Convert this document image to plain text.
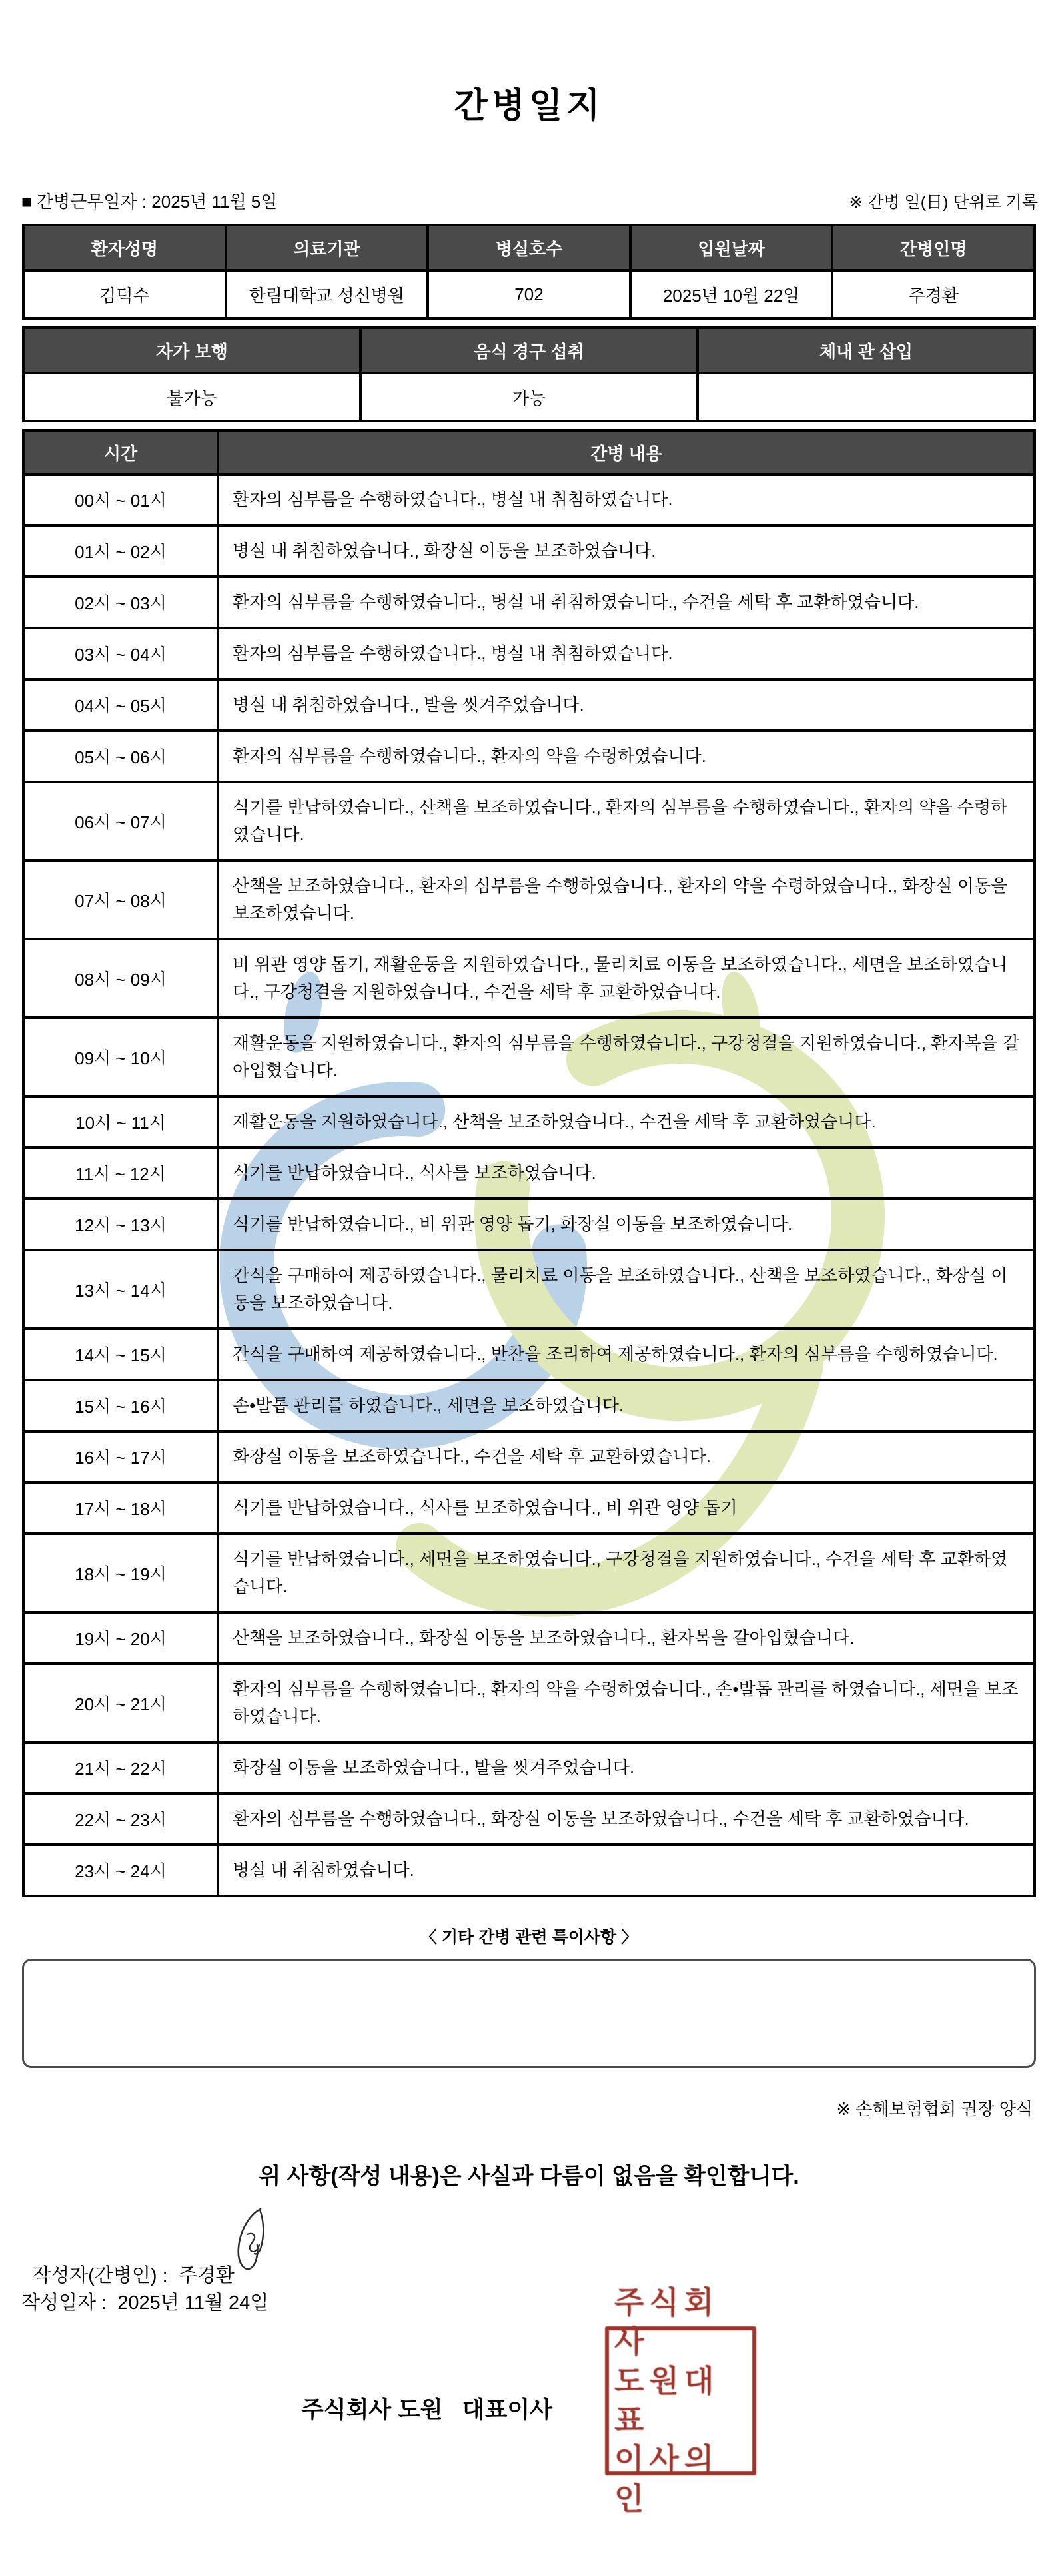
간병일지
■ 간병근무일자 : 2025년 11월 5일	※ 간병 일(日) 단위로 기록
환자성명	의료기관	병실호수	입원날짜	간병인명
김덕수	한림대학교 성신병원	702	2025년 10월 22일	주경환
자가 보행	음식 경구 섭취	체내 관 삽입
불가능	가능	
시간	간병 내용
00시 ~ 01시	환자의 심부름을 수행하였습니다., 병실 내 취침하였습니다.
01시 ~ 02시	병실 내 취침하였습니다., 화장실 이동을 보조하였습니다.
02시 ~ 03시	환자의 심부름을 수행하였습니다., 병실 내 취침하였습니다., 수건을 세탁 후 교환하였습니다.
03시 ~ 04시	환자의 심부름을 수행하였습니다., 병실 내 취침하였습니다.
04시 ~ 05시	병실 내 취침하였습니다., 발을 씻겨주었습니다.
05시 ~ 06시	환자의 심부름을 수행하였습니다., 환자의 약을 수령하였습니다.
06시 ~ 07시	식기를 반납하였습니다., 산책을 보조하였습니다., 환자의 심부름을 수행하였습니다., 환자의 약을 수령하였습니다.
07시 ~ 08시	산책을 보조하였습니다., 환자의 심부름을 수행하였습니다., 환자의 약을 수령하였습니다., 화장실 이동을 보조하였습니다.
08시 ~ 09시	비 위관 영양 돕기, 재활운동을 지원하였습니다., 물리치료 이동을 보조하였습니다., 세면을 보조하였습니다., 구강청결을 지원하였습니다., 수건을 세탁 후 교환하였습니다.
09시 ~ 10시	재활운동을 지원하였습니다., 환자의 심부름을 수행하였습니다., 구강청결을 지원하였습니다., 환자복을 갈아입혔습니다.
10시 ~ 11시	재활운동을 지원하였습니다., 산책을 보조하였습니다., 수건을 세탁 후 교환하였습니다.
11시 ~ 12시	식기를 반납하였습니다., 식사를 보조하였습니다.
12시 ~ 13시	식기를 반납하였습니다., 비 위관 영양 돕기, 화장실 이동을 보조하였습니다.
13시 ~ 14시	간식을 구매하여 제공하였습니다., 물리치료 이동을 보조하였습니다., 산책을 보조하였습니다., 화장실 이동을 보조하였습니다.
14시 ~ 15시	간식을 구매하여 제공하였습니다., 반찬을 조리하여 제공하였습니다., 환자의 심부름을 수행하였습니다.
15시 ~ 16시	손•발톱 관리를 하였습니다., 세면을 보조하였습니다.
16시 ~ 17시	화장실 이동을 보조하였습니다., 수건을 세탁 후 교환하였습니다.
17시 ~ 18시	식기를 반납하였습니다., 식사를 보조하였습니다., 비 위관 영양 돕기
18시 ~ 19시	식기를 반납하였습니다., 세면을 보조하였습니다., 구강청결을 지원하였습니다., 수건을 세탁 후 교환하였습니다.
19시 ~ 20시	산책을 보조하였습니다., 화장실 이동을 보조하였습니다., 환자복을 갈아입혔습니다.
20시 ~ 21시	환자의 심부름을 수행하였습니다., 환자의 약을 수령하였습니다., 손•발톱 관리를 하였습니다., 세면을 보조하였습니다.
21시 ~ 22시	화장실 이동을 보조하였습니다., 발을 씻겨주었습니다.
22시 ~ 23시	환자의 심부름을 수행하였습니다., 화장실 이동을 보조하였습니다., 수건을 세탁 후 교환하였습니다.
23시 ~ 24시	병실 내 취침하였습니다.
〈 기타 간병 관련 특이사항 〉
※ 손해보험협회 권장 양식
위 사항(작성 내용)은 사실과 다름이 없음을 확인합니다.

작성자(간병인) :  주경환

작성일자 :  2025년 11월 24일
주식회사 도원   대표이사
주식회사
도원대표
이사의인
